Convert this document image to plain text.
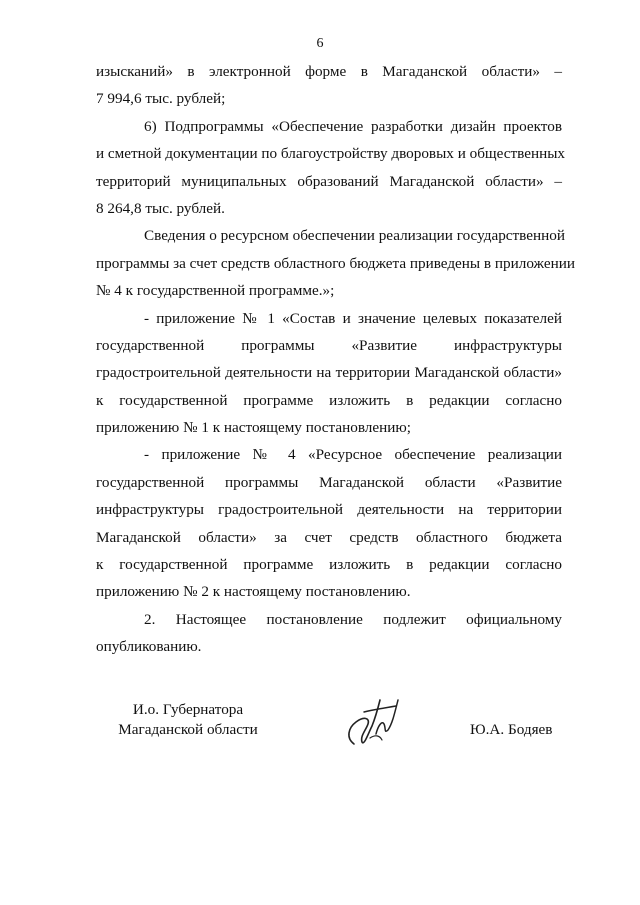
6
изысканий» в электронной форме в Магаданской области» –
7 994,6 тыс. рублей;
6) Подпрограммы «Обеспечение разработки дизайн проектов
и сметной документации по благоустройству дворовых и общественных
территорий муниципальных образований Магаданской области» –
8 264,8 тыс. рублей.
Сведения о ресурсном обеспечении реализации государственной
программы за счет средств областного бюджета приведены в приложении
№ 4 к государственной программе.»;
- приложение № 1 «Состав и значение целевых показателей
государственной программы «Развитие инфраструктуры
градостроительной деятельности на территории Магаданской области»
к государственной программе изложить в редакции согласно
приложению № 1 к настоящему постановлению;
- приложение № 4 «Ресурсное обеспечение реализации
государственной программы Магаданской области «Развитие
инфраструктуры градостроительной деятельности на территории
Магаданской области» за счет средств областного бюджета
к государственной программе изложить в редакции согласно
приложению № 2 к настоящему постановлению.
2. Настоящее постановление подлежит официальному
опубликованию.
И.о. Губернатора
Магаданской области	Ю.А. Бодяев
